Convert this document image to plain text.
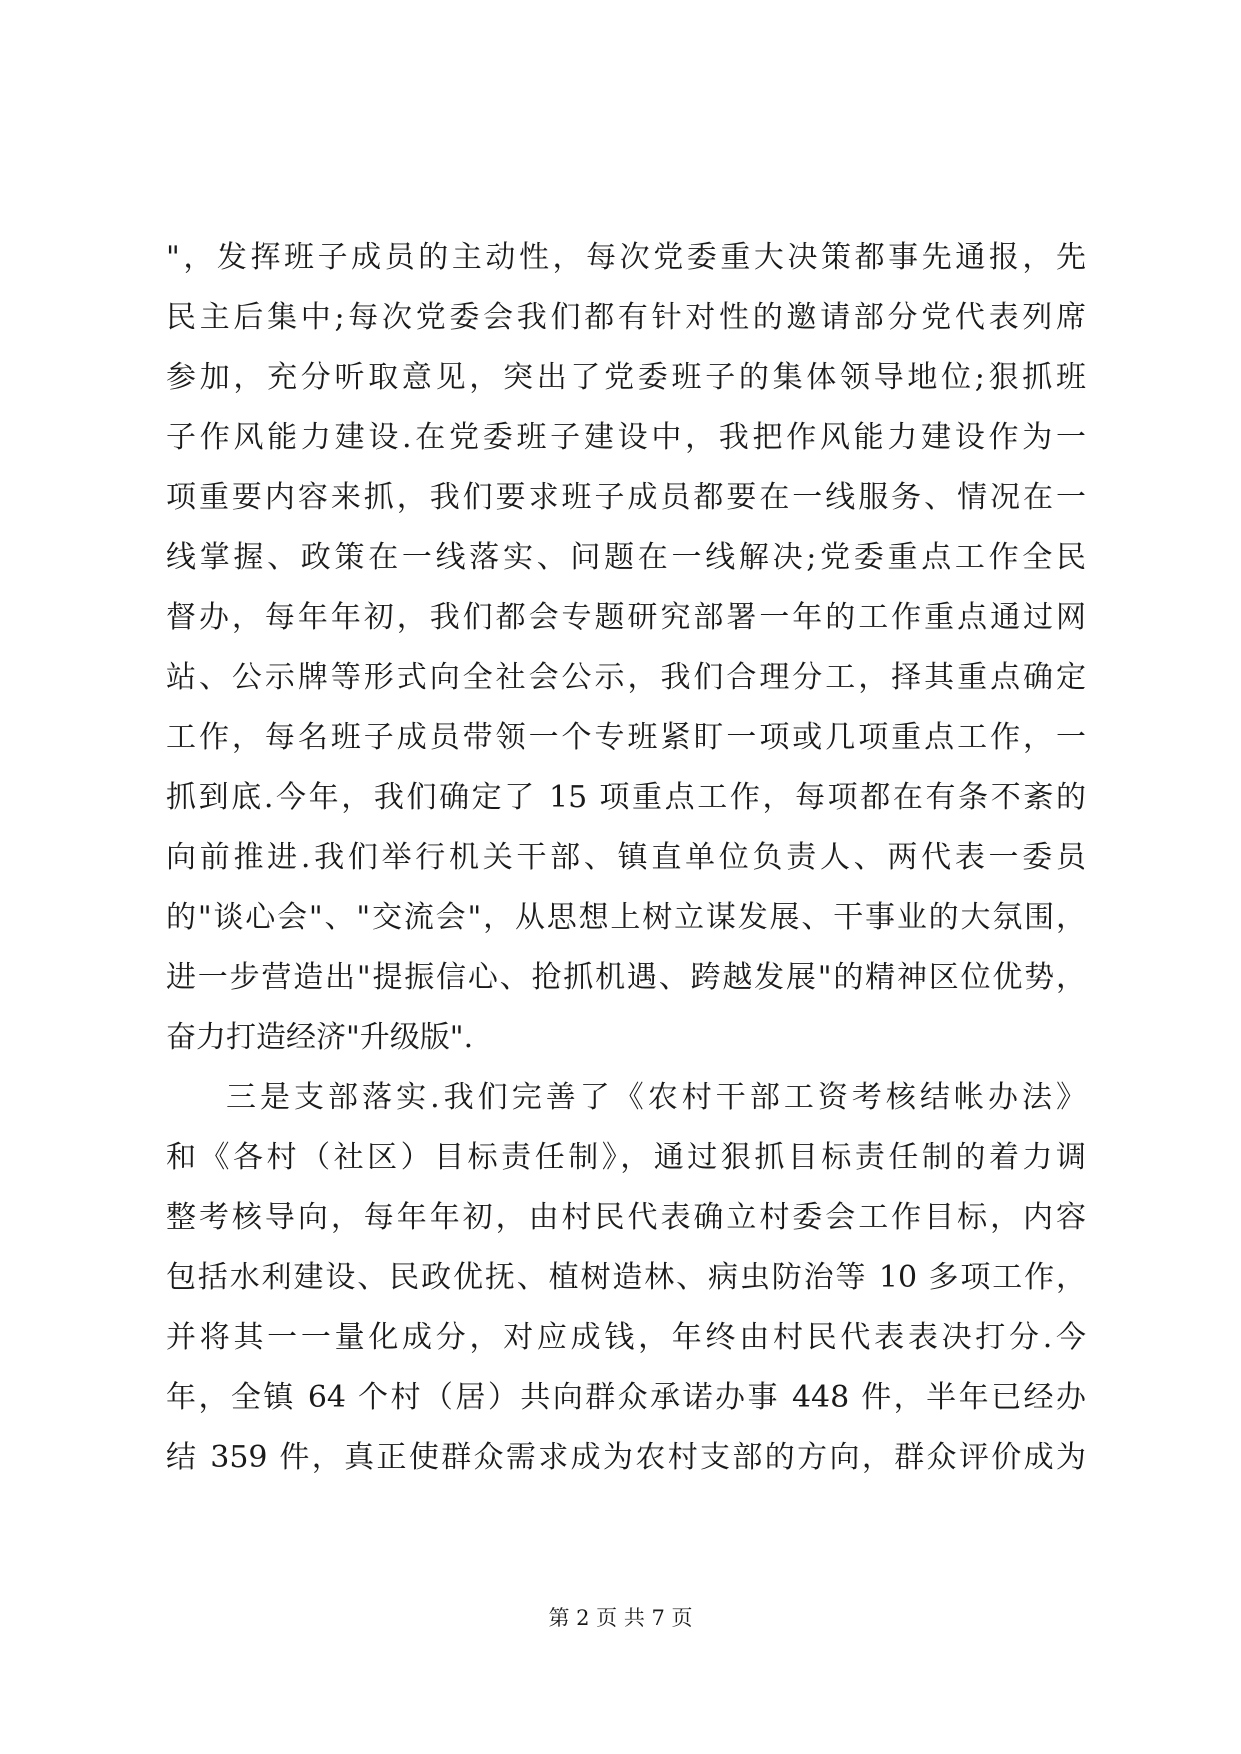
"，发挥班子成员的主动性，每次党委重大决策都事先通报，先
民主后集中;每次党委会我们都有针对性的邀请部分党代表列席
参加，充分听取意见，突出了党委班子的集体领导地位;狠抓班
子作风能力建设.在党委班子建设中，我把作风能力建设作为一
项重要内容来抓，我们要求班子成员都要在一线服务、情况在一
线掌握、政策在一线落实、问题在一线解决;党委重点工作全民
督办，每年年初，我们都会专题研究部署一年的工作重点通过网
站、公示牌等形式向全社会公示，我们合理分工，择其重点确定
工作，每名班子成员带领一个专班紧盯一项或几项重点工作，一
抓到底.今年，我们确定了 15 项重点工作，每项都在有条不紊的
向前推进.我们举行机关干部、镇直单位负责人、两代表一委员
的"谈心会"、"交流会"，从思想上树立谋发展、干事业的大氛围，
进一步营造出"提振信心、抢抓机遇、跨越发展"的精神区位优势，
奋力打造经济"升级版".
三是支部落实.我们完善了《农村干部工资考核结帐办法》
和《各村（社区）目标责任制》，通过狠抓目标责任制的着力调
整考核导向，每年年初，由村民代表确立村委会工作目标，内容
包括水利建设、民政优抚、植树造林、病虫防治等 10 多项工作，
并将其一一量化成分，对应成钱，年终由村民代表表决打分.今
年，全镇 64 个村（居）共向群众承诺办事 448 件，半年已经办
结 359 件，真正使群众需求成为农村支部的方向，群众评价成为
第 2 页 共 7 页
